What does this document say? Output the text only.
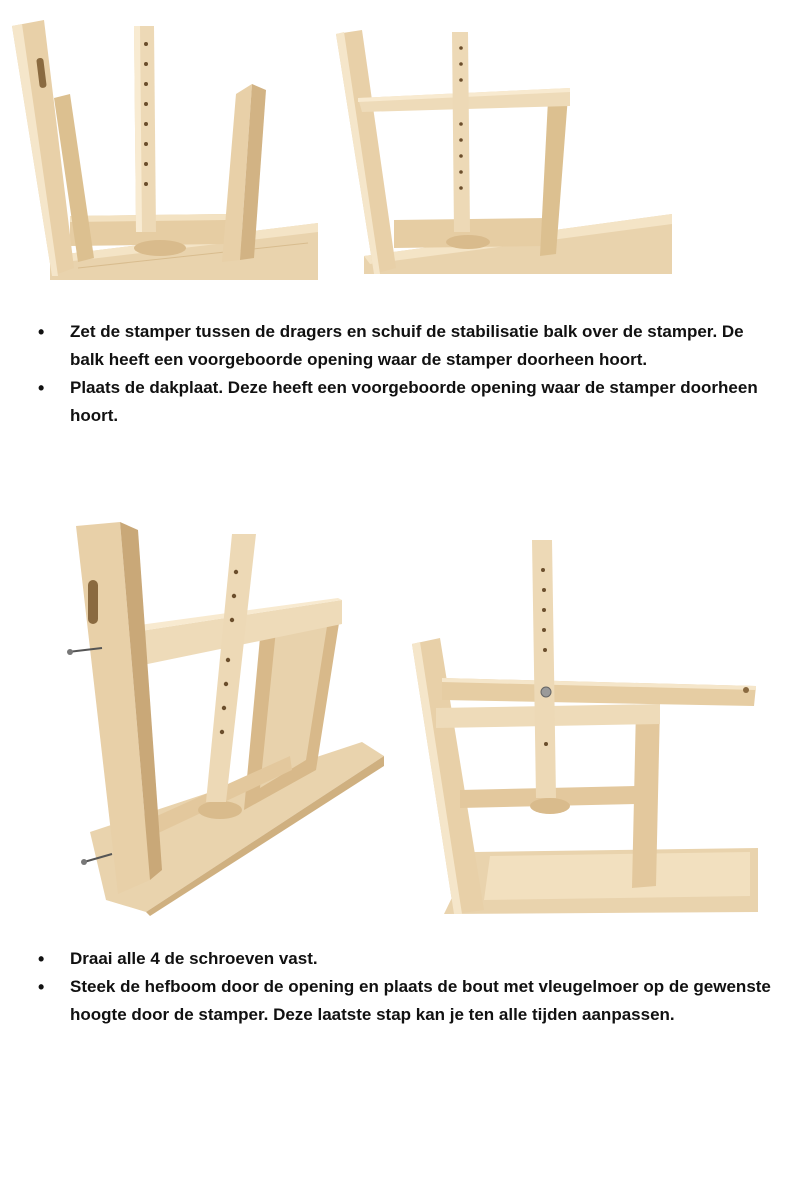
• Zet de stamper tussen de dragers en schuif de stabilisatie balk over de stamper. De balk heeft een voorgeboorde opening waar de stamper doorheen hoort.
• Plaats de dakplaat. Deze heeft een voorgeboorde opening waar de stamper doorheen hoort.
• Draai alle 4 de schroeven vast.
• Steek de hefboom door de opening en plaats de bout met vleugelmoer op de gewenste hoogte door de stamper. Deze laatste stap kan je ten alle tijden aanpassen.
